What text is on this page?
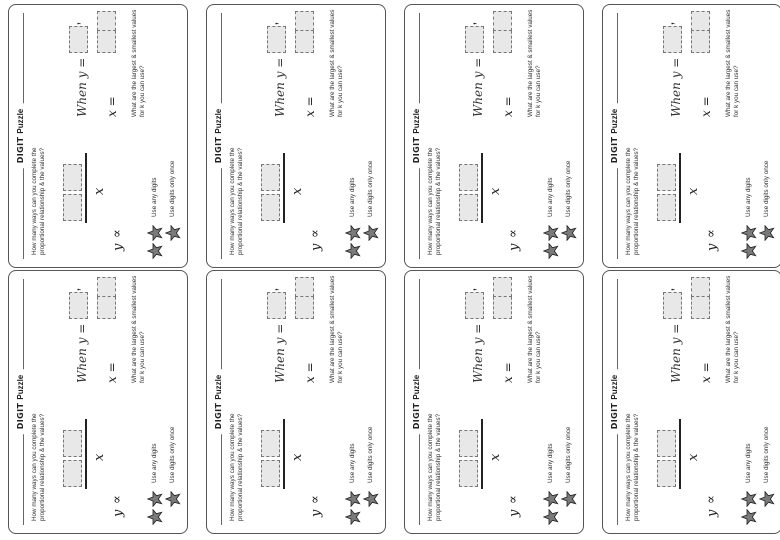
DIGITPuzzle
How many ways can you complete the proportional relationship & the values?	x
y
∝
When y =
,
x = What are the largest & smallest values for k you can use?
Use any digits Use digits only once
DIGITPuzzle
How many ways can you complete the proportional relationship & the values?	x
y
∝
When y =
,
x = What are the largest & smallest values for k you can use?
Use any digits Use digits only once
DIGITPuzzle
How many ways can you complete the proportional relationship & the values?	x
y
∝
When y =
,
x = What are the largest & smallest values for k you can use?
Use any digits Use digits only once
DIGITPuzzle
How many ways can you complete the proportional relationship & the values?	x
y
∝
When y =
,
x = What are the largest & smallest values for k you can use?
Use any digits Use digits only once
DIGITPuzzle
How many ways can you complete the proportional relationship & the values?	x
y
∝
When y =
,
x = What are the largest & smallest values for k you can use?
Use any digits Use digits only once
DIGITPuzzle
How many ways can you complete the proportional relationship & the values?	x
y
∝
When y =
,
x = What are the largest & smallest values for k you can use?
Use any digits Use digits only once
DIGITPuzzle
How many ways can you complete the proportional relationship & the values?	x
y
∝
When y =
,
x = What are the largest & smallest values for k you can use?
Use any digits Use digits only once
DIGITPuzzle
How many ways can you complete the proportional relationship & the values?	x
y
∝
When y =
,
x = What are the largest & smallest values for k you can use?
Use any digits Use digits only once
